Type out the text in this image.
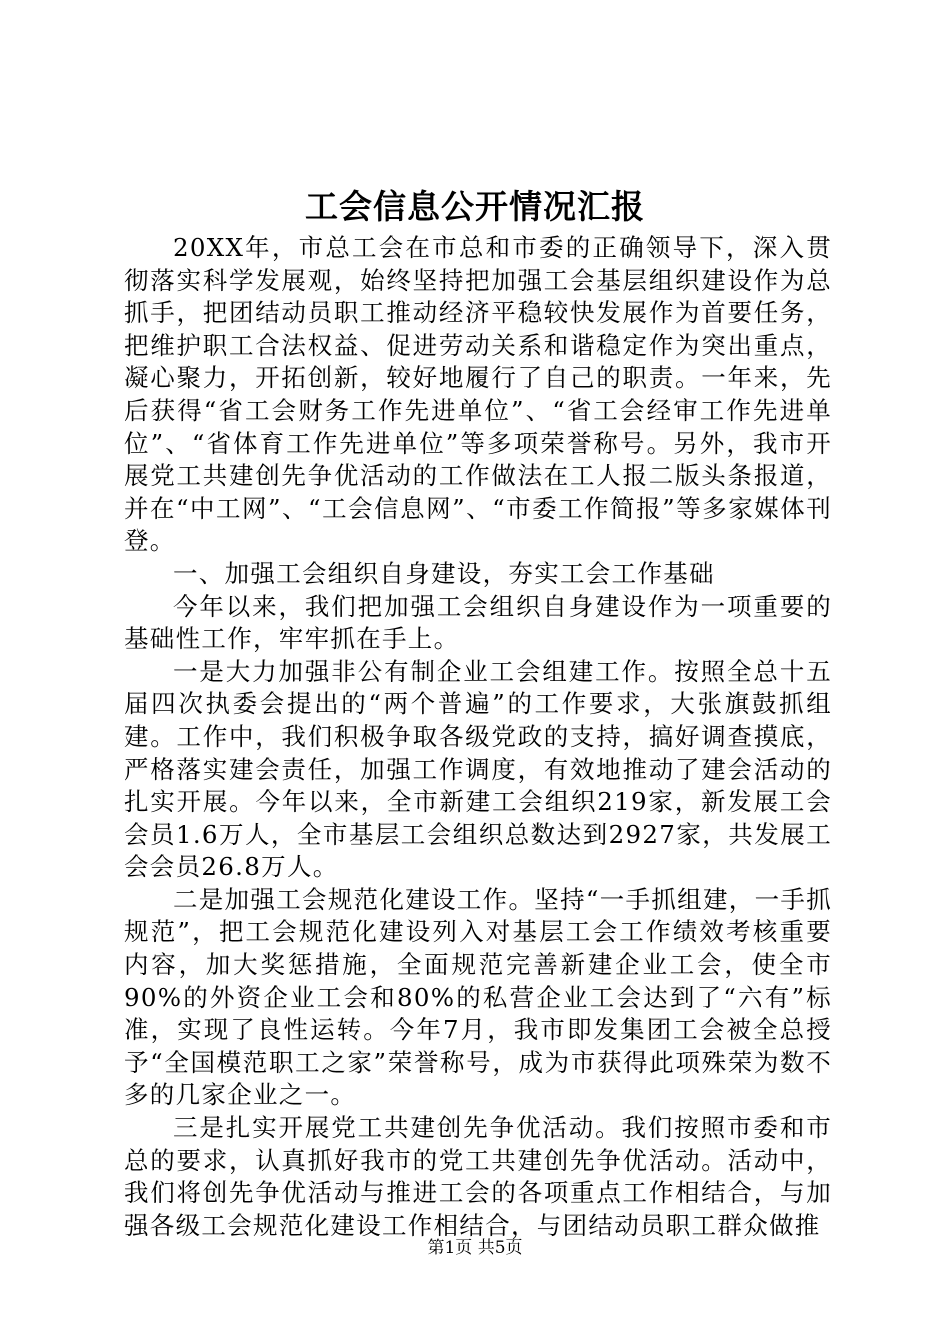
工会信息公开情况汇报

20XX年，市总工会在市总和市委的正确领导下，深入贯彻落实科学发展观，始终坚持把加强工会基层组织建设作为总抓手，把团结动员职工推动经济平稳较快发展作为首要任务，把维护职工合法权益、促进劳动关系和谐稳定作为突出重点，凝心聚力，开拓创新，较好地履行了自己的职责。一年来，先后获得“省工会财务工作先进单位”、“省工会经审工作先进单位”、“省体育工作先进单位”等多项荣誉称号。另外，我市开展党工共建创先争优活动的工作做法在工人报二版头条报道，并在“中工网”、“工会信息网”、“市委工作简报”等多家媒体刊登。

一、加强工会组织自身建设，夯实工会工作基础

今年以来，我们把加强工会组织自身建设作为一项重要的基础性工作，牢牢抓在手上。

一是大力加强非公有制企业工会组建工作。按照全总十五届四次执委会提出的“两个普遍”的工作要求，大张旗鼓抓组建。工作中，我们积极争取各级党政的支持，搞好调查摸底，严格落实建会责任，加强工作调度，有效地推动了建会活动的扎实开展。今年以来，全市新建工会组织219家，新发展工会会员1.6万人，全市基层工会组织总数达到2927家，共发展工会会员26.8万人。

二是加强工会规范化建设工作。坚持“一手抓组建，一手抓规范”，把工会规范化建设列入对基层工会工作绩效考核重要内容，加大奖惩措施，全面规范完善新建企业工会，使全市90%的外资企业工会和80%的私营企业工会达到了“六有”标准，实现了良性运转。今年7月，我市即发集团工会被全总授予“全国模范职工之家”荣誉称号，成为市获得此项殊荣为数不多的几家企业之一。

三是扎实开展党工共建创先争优活动。我们按照市委和市总的要求，认真抓好我市的党工共建创先争优活动。活动中，我们将创先争优活动与推进工会的各项重点工作相结合，与加强各级工会规范化建设工作相结合，与团结动员职工群众做推

第1页 共5页
